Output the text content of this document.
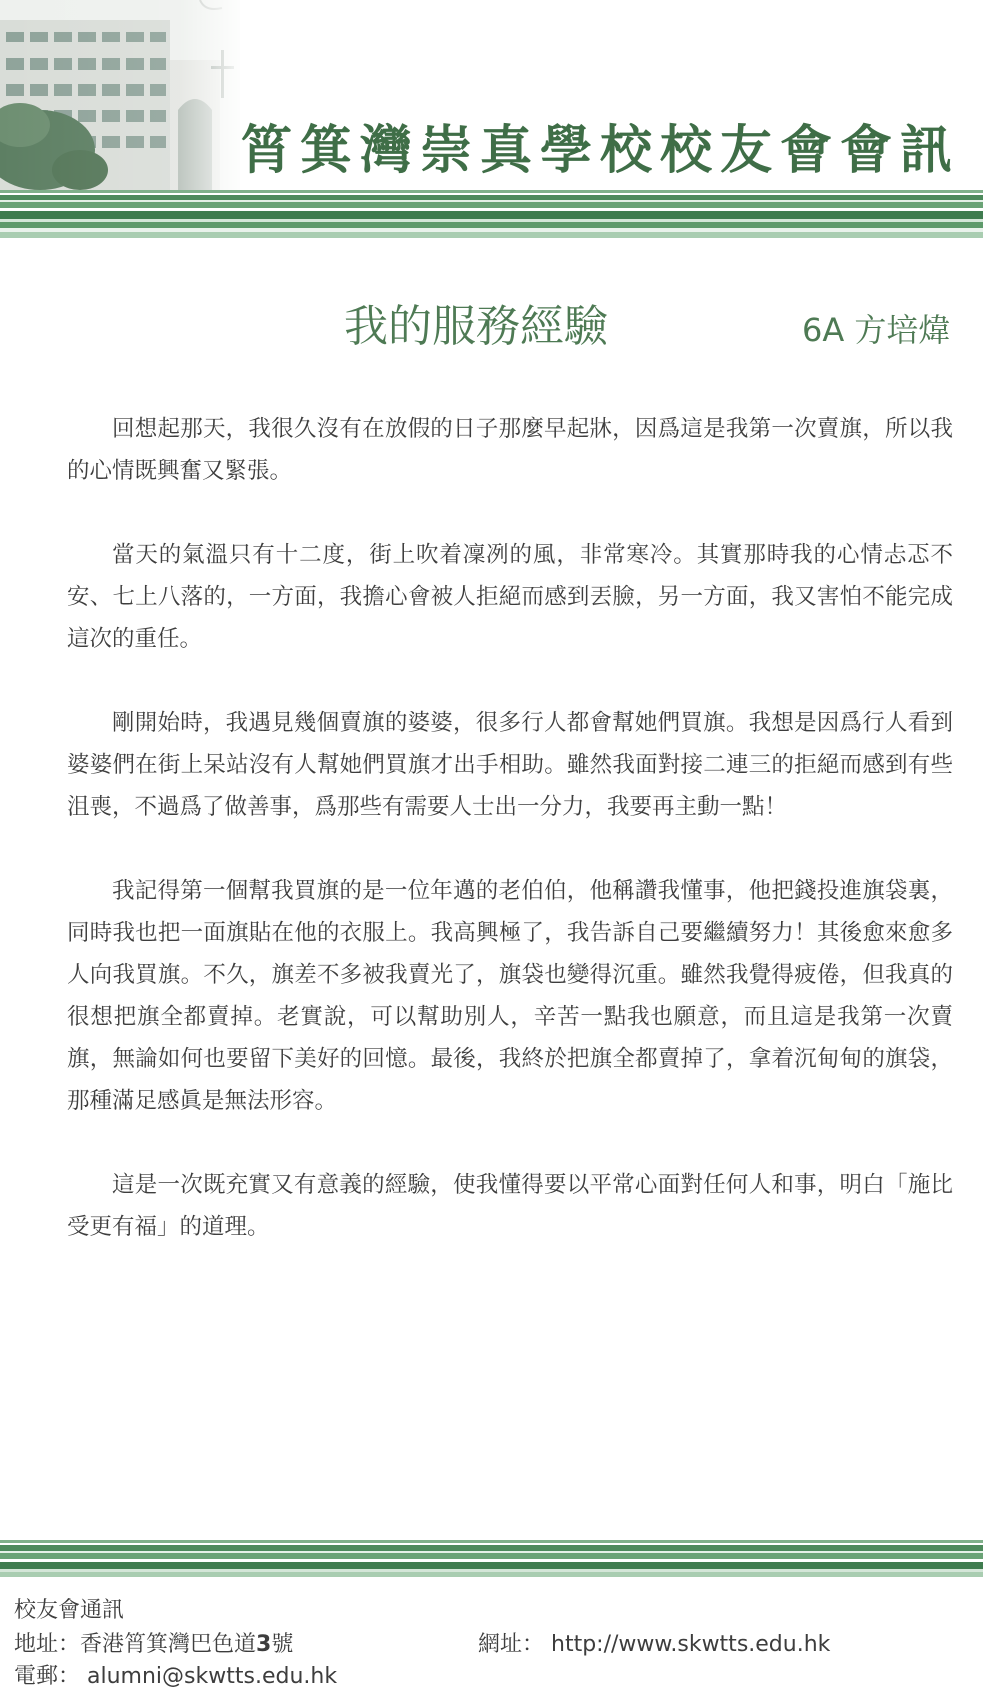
筲箕灣崇真學校校友會會訊
我的服務經驗	6A 方培煒

回想起那天，我很久沒有在放假的日子那麼早起牀，因爲這是我第一次賣旗，所以我的心情既興奮又緊張。

當天的氣溫只有十二度，街上吹着凜冽的風，非常寒冷。其實那時我的心情忐忑不安、七上八落的，一方面，我擔心會被人拒絕而感到丟臉，另一方面，我又害怕不能完成這次的重任。

剛開始時，我遇見幾個賣旗的婆婆，很多行人都會幫她們買旗。我想是因爲行人看到婆婆們在街上呆站沒有人幫她們買旗才出手相助。雖然我面對接二連三的拒絕而感到有些沮喪，不過爲了做善事，爲那些有需要人士出一分力，我要再主動一點！

我記得第一個幫我買旗的是一位年邁的老伯伯，他稱讚我懂事，他把錢投進旗袋裏，同時我也把一面旗貼在他的衣服上。我高興極了，我告訴自己要繼續努力！其後愈來愈多人向我買旗。不久，旗差不多被我賣光了，旗袋也變得沉重。雖然我覺得疲倦，但我真的很想把旗全都賣掉。老實說，可以幫助別人，辛苦一點我也願意，而且這是我第一次賣旗，無論如何也要留下美好的回憶。最後，我終於把旗全都賣掉了，拿着沉甸甸的旗袋，那種滿足感眞是無法形容。

這是一次既充實又有意義的經驗，使我懂得要以平常心面對任何人和事，明白「施比受更有福」的道理。

校友會通訊
地址：香港筲箕灣巴色道3號
電郵： alumni@skwtts.edu.hk
網址： http://www.skwtts.edu.hk
